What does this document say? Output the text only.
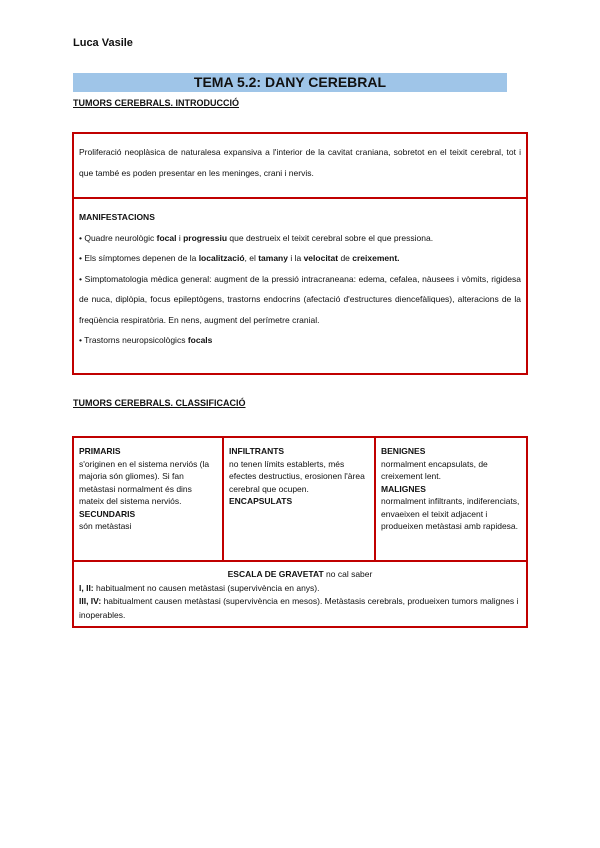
Luca Vasile
TEMA 5.2: DANY CEREBRAL
TUMORS CEREBRALS. INTRODUCCIÓ
Proliferació neoplàsica de naturalesa expansiva a l'interior de la cavitat craniana, sobretot en el teixit cerebral, tot i que també es poden presentar en les meninges, crani i nervis.
MANIFESTACIONS
• Quadre neurològic focal i progressiu que destrueix el teixit cerebral sobre el que pressiona.
• Els símptomes depenen de la localització, el tamany i la velocitat de creixement.
• Simptomatologia mèdica general: augment de la pressió intracraneana: edema, cefalea, nàusees i vòmits, rigidesa de nuca, diplòpia, focus epileptògens, trastorns endocrins (afectació d'estructures diencefàliques), alteracions de la freqüència respiratòria. En nens, augment del perímetre cranial.
• Trastorns neuropsicològics focals
TUMORS CEREBRALS. CLASSIFICACIÓ
PRIMARIS
s'originen en el sistema nerviós (la majoria són gliomes). Si fan metàstasi normalment és dins mateix del sistema nerviós.
SECUNDARIS
són metàstasi
INFILTRANTS
no tenen límits establerts, més efectes destructius, erosionen l'àrea cerebral que ocupen.
ENCAPSULATS
BENIGNES
normalment encapsulats, de creixement lent.
MALIGNES
normalment infiltrants, indiferenciats, envaeixen el teixit adjacent i produeixen metàstasi amb rapidesa.
ESCALA DE GRAVETAT no cal saber
I, II: habitualment no causen metàstasi (supervivència en anys).
III, IV: habitualment causen metàstasi (supervivència en mesos). Metàstasis cerebrals, produeixen tumors malignes i inoperables.
